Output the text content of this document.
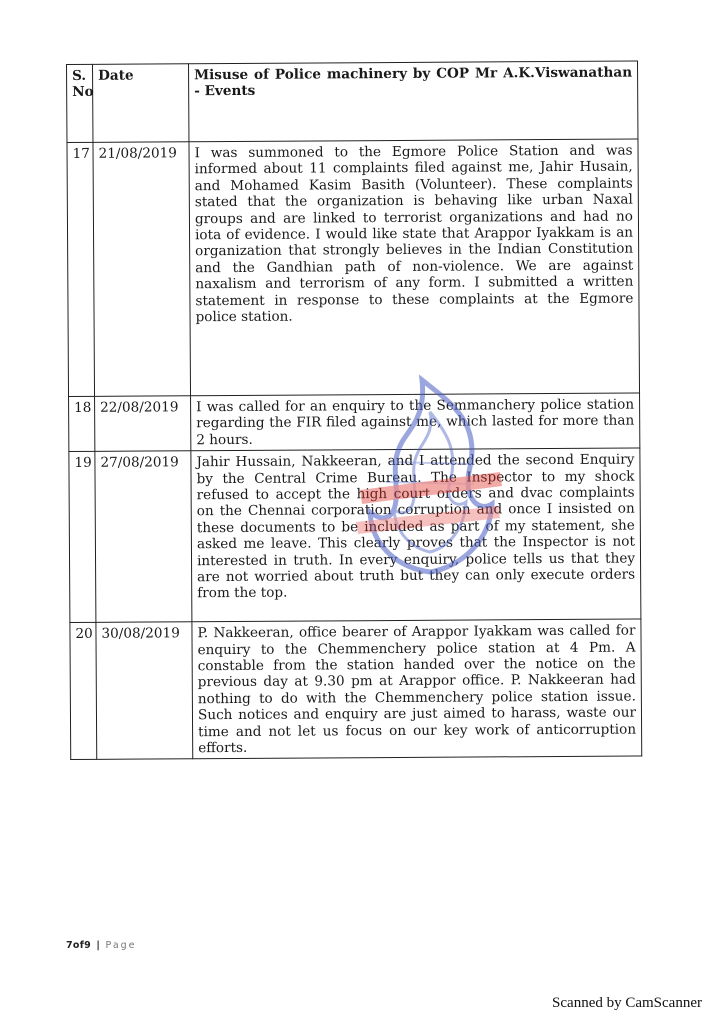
S. No	Date	Misuse of Police machinery by COP Mr A.K.Viswanathan - Events
17	21/08/2019	I was summoned to the Egmore Police Station and was informed about 11 complaints filed against me, Jahir Husain, and Mohamed Kasim Basith (Volunteer). These complaints stated that the organization is behaving like urban Naxal groups and are linked to terrorist organizations and had no iota of evidence. I would like state that Arappor Iyakkam is an organization that strongly believes in the Indian Constitution and the Gandhian path of non-violence. We are against naxalism and terrorism of any form. I submitted a written statement in response to these complaints at the Egmore police station.
18	22/08/2019	I was called for an enquiry to the Semmanchery police station regarding the FIR filed against me, which lasted for more than 2 hours.
19	27/08/2019	Jahir Hussain, Nakkeeran, and I attended the second Enquiry by the Central Crime Bureau. The Inspector to my shock refused to accept the high court orders and dvac complaints on the Chennai corporation corruption and once I insisted on these documents to be included as part of my statement, she asked me leave. This clearly proves that the Inspector is not interested in truth. In every enquiry, police tells us that they are not worried about truth but they can only execute orders from the top.
20	30/08/2019	P. Nakkeeran, office bearer of Arappor Iyakkam was called for enquiry to the Chemmenchery police station at 4 Pm. A constable from the station handed over the notice on the previous day at 9.30 pm at Arappor office. P. Nakkeeran had nothing to do with the Chemmenchery police station issue. Such notices and enquiry are just aimed to harass, waste our time and not let us focus on our key work of anticorruption efforts.
7of9 | Page
Scanned by CamScanner
